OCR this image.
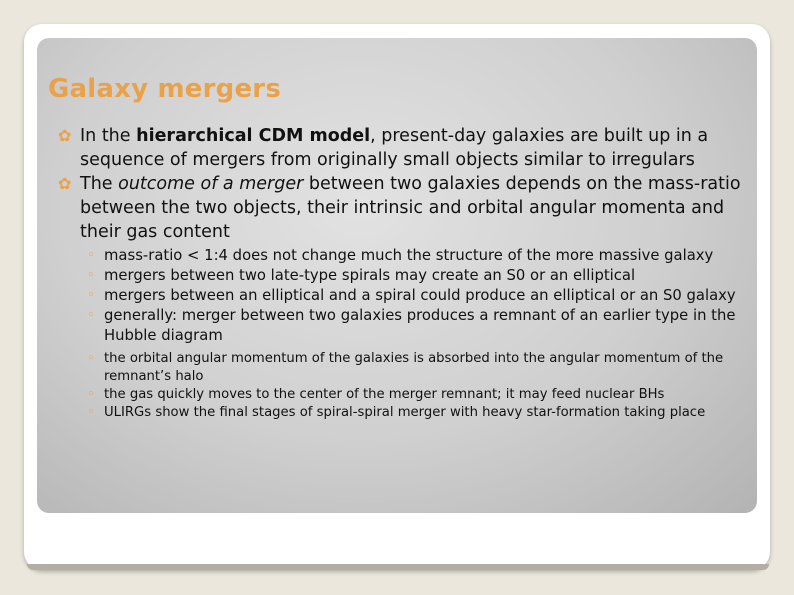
Galaxy mergers
✿ In the hierarchical CDM model, present-day galaxies are built up in a sequence of mergers from originally small objects similar to irregulars
✿ The outcome of a merger between two galaxies depends on the mass-ratio between the two objects, their intrinsic and orbital angular momenta and their gas content
◦ mass-ratio < 1:4 does not change much the structure of the more massive galaxy
◦ mergers between two late-type spirals may create an S0 or an elliptical
◦ mergers between an elliptical and a spiral could produce an elliptical or an S0 galaxy
◦ generally: merger between two galaxies produces a remnant of an earlier type in the Hubble diagram
◦ the orbital angular momentum of the galaxies is absorbed into the angular momentum of the remnant’s halo
◦ the gas quickly moves to the center of the merger remnant; it may feed nuclear BHs
◦ ULIRGs show the final stages of spiral-spiral merger with heavy star-formation taking place
